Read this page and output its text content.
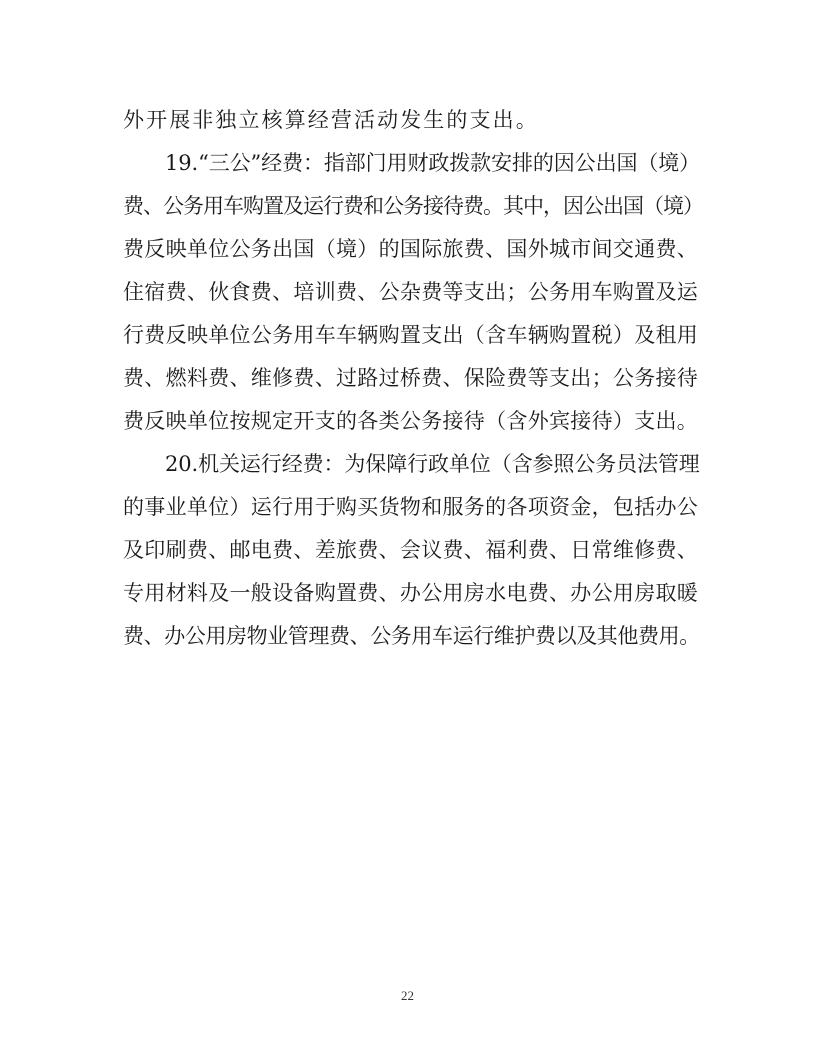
外开展非独立核算经营活动发生的支出。
19.“三公”经费：指部门用财政拨款安排的因公出国（境）
费、公务用车购置及运行费和公务接待费。其中，因公出国（境）
费反映单位公务出国（境）的国际旅费、国外城市间交通费、
住宿费、伙食费、培训费、公杂费等支出；公务用车购置及运
行费反映单位公务用车车辆购置支出（含车辆购置税）及租用
费、燃料费、维修费、过路过桥费、保险费等支出；公务接待
费反映单位按规定开支的各类公务接待（含外宾接待）支出。
20.机关运行经费：为保障行政单位（含参照公务员法管理
的事业单位）运行用于购买货物和服务的各项资金，包括办公
及印刷费、邮电费、差旅费、会议费、福利费、日常维修费、
专用材料及一般设备购置费、办公用房水电费、办公用房取暖
费、办公用房物业管理费、公务用车运行维护费以及其他费用。
22
